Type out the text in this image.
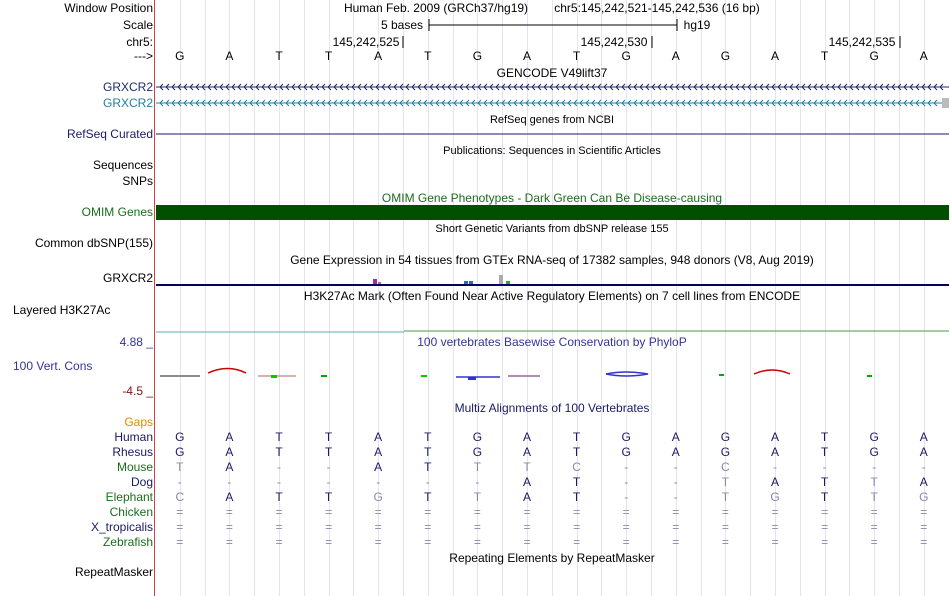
Window Position	Human Feb. 2009 (GRCh37/hg19) chr5:145,242,521-145,242,536 (16 bp)
Scale	5 bases	hg19
chr5:	145,242,525	145,242,530	145,242,535
---> G	A	T	T	A	T	G	A	T	G	A	G	A	T	G	A
GENCODE V49lift37
GRXCR2
GRXCR2
RefSeq genes from NCBI
RefSeq Curated
Publications: Sequences in Scientific Articles
Sequences
SNPs
OMIM Gene Phenotypes - Dark Green Can Be Disease-causing
OMIM Genes
Short Genetic Variants from dbSNP release 155
Common dbSNP(155)
Gene Expression in 54 tissues from GTEx RNA-seq of 17382 samples, 948 donors (V8, Aug 2019)
GRXCR2
H3K27Ac Mark (Often Found Near Active Regulatory Elements) on 7 cell lines from ENCODE
Layered H3K27Ac
100 vertebrates Basewise Conservation by PhyloP
4.88 _
100 Vert. Cons
-4.5 _
Multiz Alignments of 100 Vertebrates
Gaps
Human G	A	T	T	A	T	G	A	T	G	A	G	A	T	G	A
Rhesus G	A	T	T	A	T	G	A	T	G	A	G	A	T	G	A
Mouse T	A	-	-	A	T	T	T	C	-	-	C	-	-	-	-
Dog	-	-	-	-	-	-	-	A	T	-	-	T	A	T	T	A
Elephant C	A	T	T	G	T	T	A	T	-	-	T	G	T	T	G
Chicken =	=	=	=	=	=	=	=	=	=	=	=	=	=	=	=
X_tropicalis =	=	=	=	=	=	=	=	=	=	=	=	=	=	=	=
Zebrafish =	=	=	=	=	=	=	=	=	=	=	=	=	=	=	=
Repeating Elements by RepeatMasker
RepeatMasker
